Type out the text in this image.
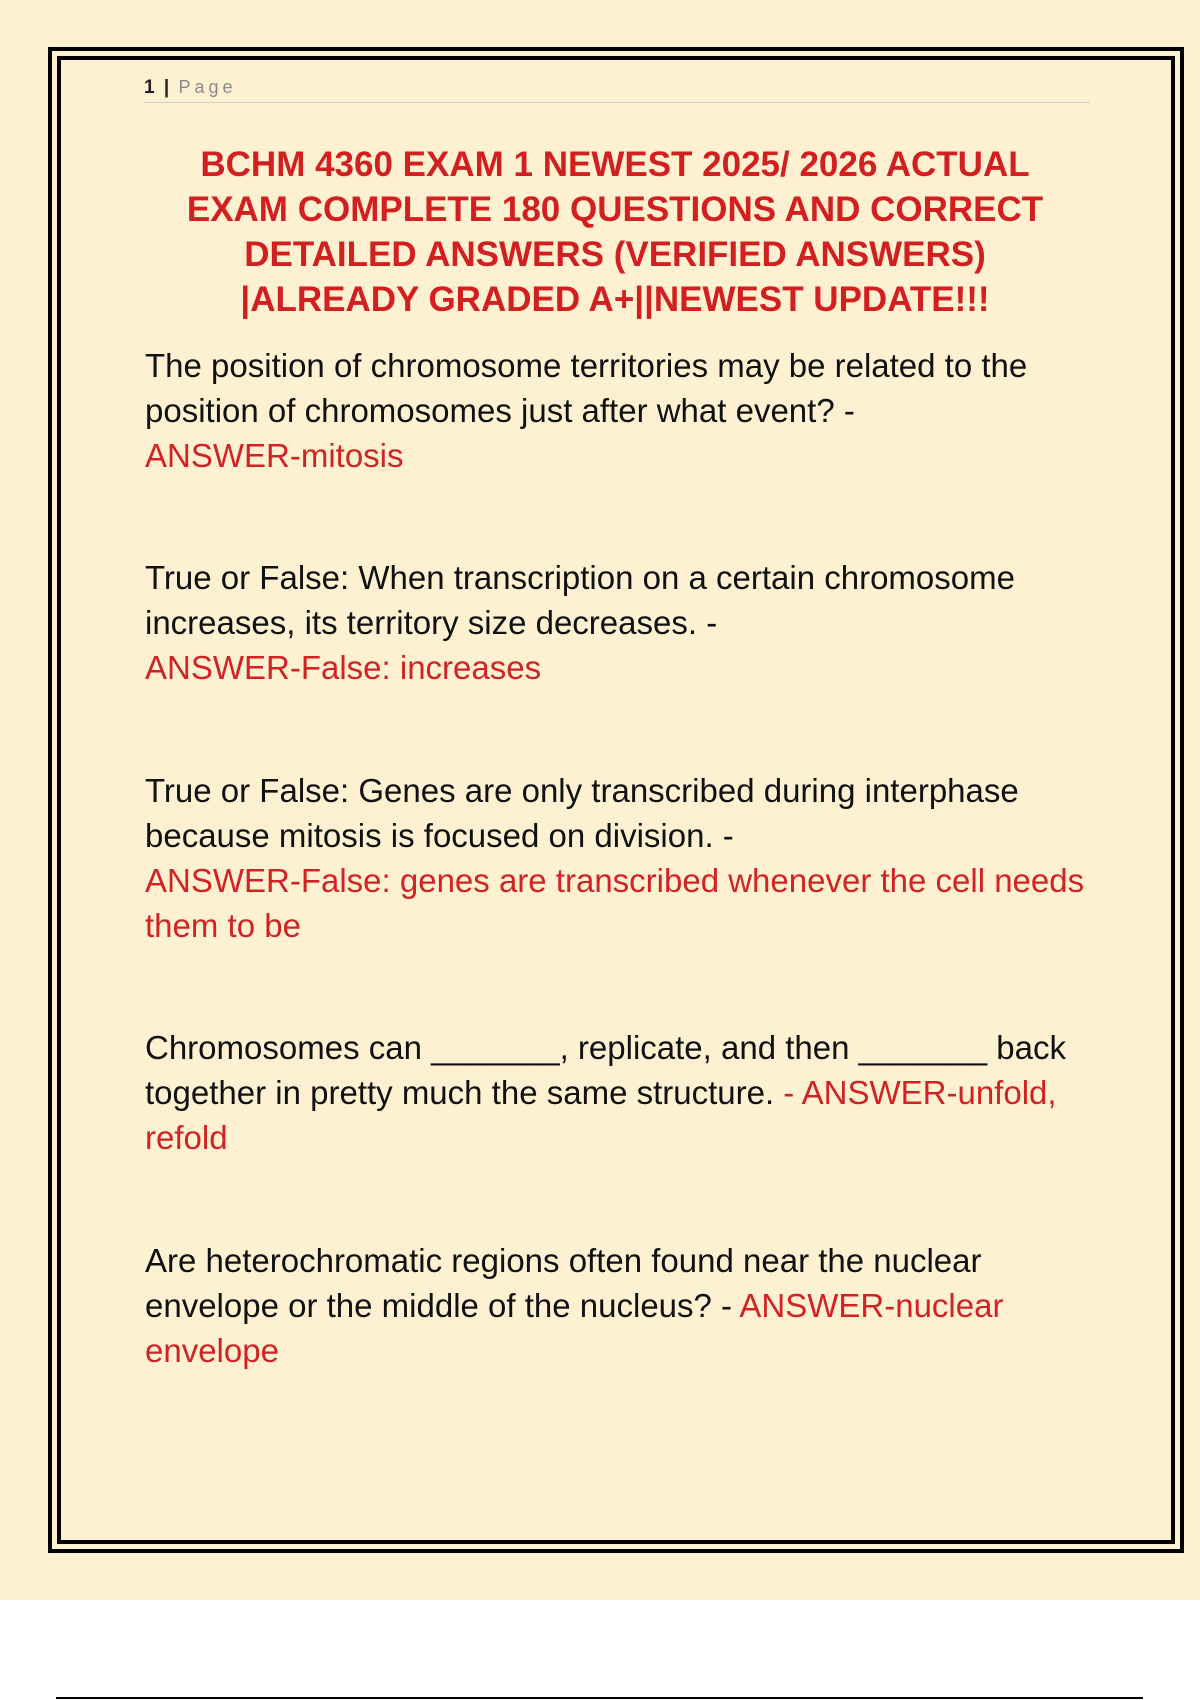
1 | Page
BCHM 4360 EXAM 1 NEWEST 2025/ 2026 ACTUAL EXAM COMPLETE 180 QUESTIONS AND CORRECT DETAILED ANSWERS (VERIFIED ANSWERS) |ALREADY GRADED A+||NEWEST UPDATE!!!
The position of chromosome territories may be related to the position of chromosomes just after what event? -
ANSWER-mitosis
True or False: When transcription on a certain chromosome increases, its territory size decreases. -
ANSWER-False: increases
True or False: Genes are only transcribed during interphase because mitosis is focused on division. -
ANSWER-False: genes are transcribed whenever the cell needs them to be
Chromosomes can _______, replicate, and then _______ back together in pretty much the same structure. - ANSWER-unfold, refold
Are heterochromatic regions often found near the nuclear envelope or the middle of the nucleus? - ANSWER-nuclear envelope
